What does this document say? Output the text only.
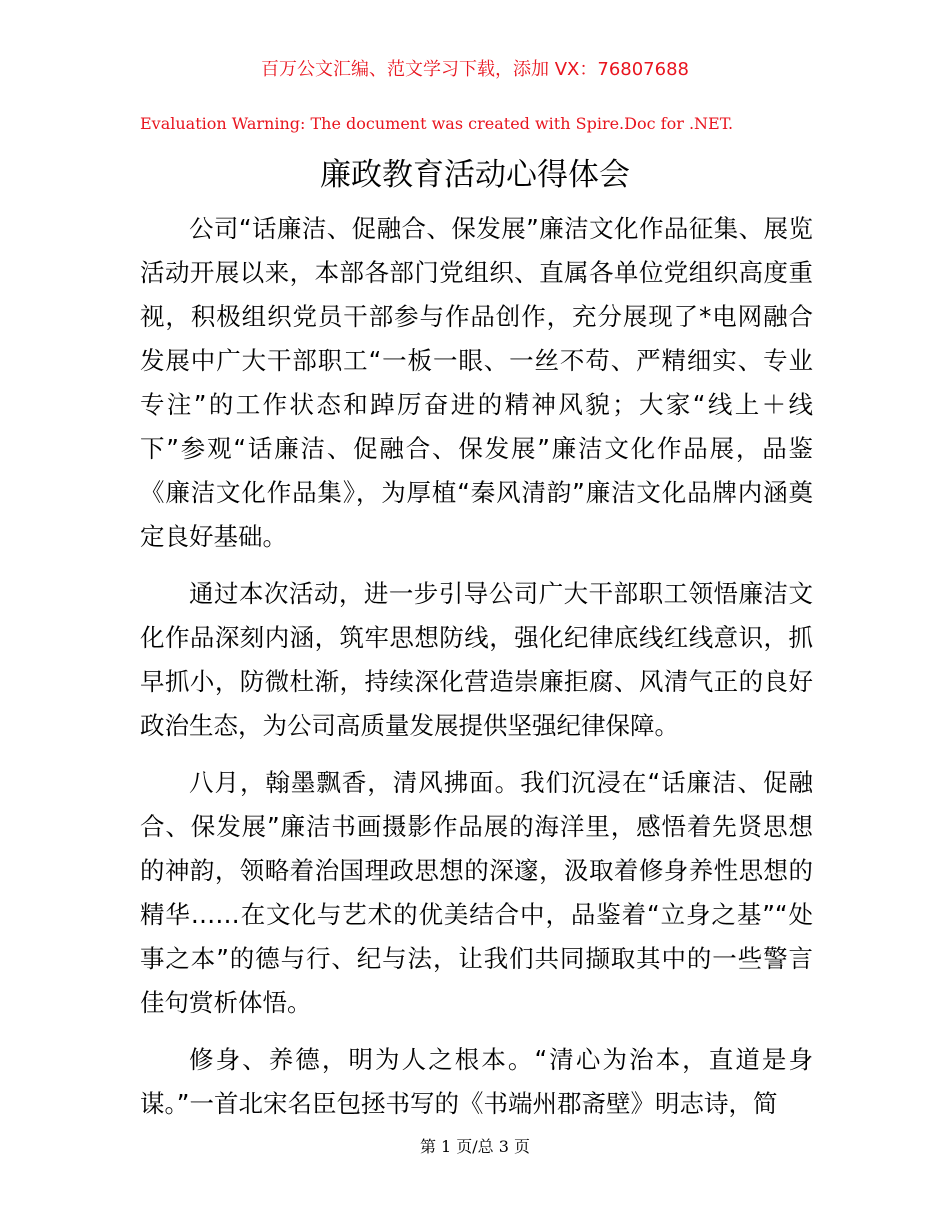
百万公文汇编、范文学习下载，添加 VX：76807688
Evaluation Warning: The document was created with Spire.Doc for .NET.
廉政教育活动心得体会

公司“话廉洁、促融合、保发展”廉洁文化作品征集、展览活动开展以来，本部各部门党组织、直属各单位党组织高度重视，积极组织党员干部参与作品创作，充分展现了*电网融合发展中广大干部职工“一板一眼、一丝不苟、严精细实、专业专注”的工作状态和踔厉奋进的精神风貌；大家“线上＋线下”参观“话廉洁、促融合、保发展”廉洁文化作品展，品鉴《廉洁文化作品集》，为厚植“秦风清韵”廉洁文化品牌内涵奠定良好基础。

通过本次活动，进一步引导公司广大干部职工领悟廉洁文化作品深刻内涵，筑牢思想防线，强化纪律底线红线意识，抓早抓小，防微杜渐，持续深化营造崇廉拒腐、风清气正的良好政治生态，为公司高质量发展提供坚强纪律保障。

八月，翰墨飘香，清风拂面。我们沉浸在“话廉洁、促融合、保发展”廉洁书画摄影作品展的海洋里，感悟着先贤思想的神韵，领略着治国理政思想的深邃，汲取着修身养性思想的精华……在文化与艺术的优美结合中，品鉴着“立身之基”“处事之本”的德与行、纪与法，让我们共同撷取其中的一些警言佳句赏析体悟。

修身、养德，明为人之根本。“清心为治本，直道是身谋。”一首北宋名臣包拯书写的《书端州郡斋壁》明志诗，简

第 1 页/总 3 页
